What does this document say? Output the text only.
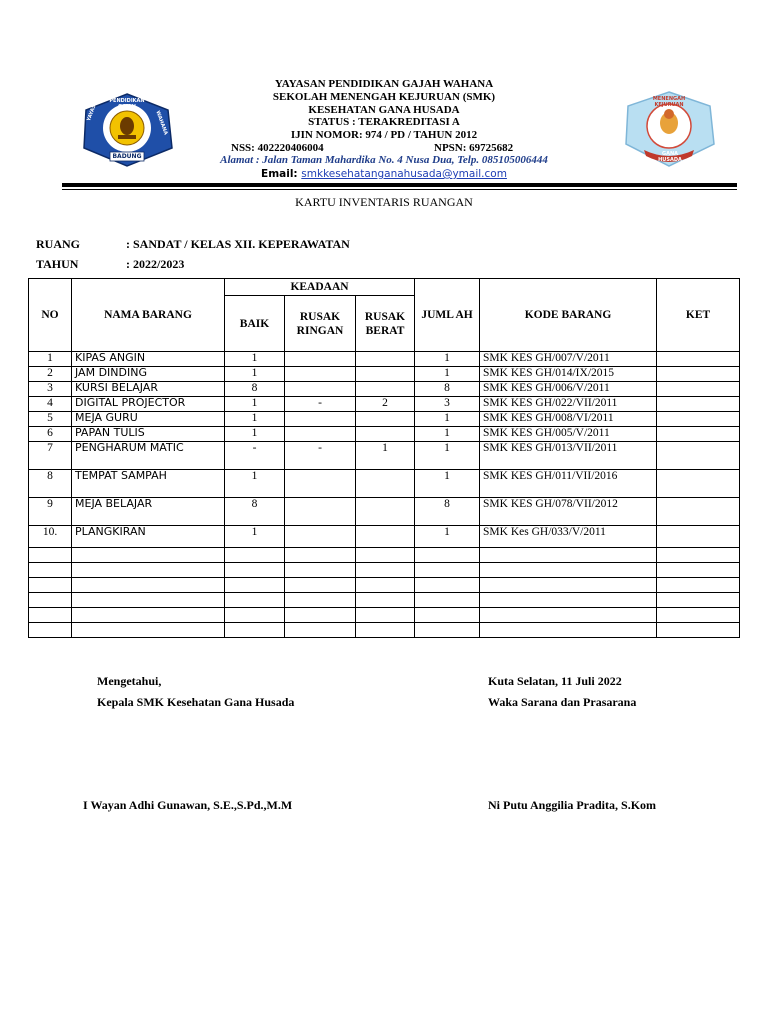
BADUNG
PENDIDIKAN GAJAH
YAYASAN
WAHANA
GANA HUSADA
MENENGAH KEJURUAN
YAYASAN PENDIDIKAN GAJAH WAHANA
SEKOLAH MENENGAH KEJURUAN (SMK)
KESEHATAN GANA HUSADA
STATUS : TERAKREDITASI A
IJIN NOMOR: 974 / PD / TAHUN 2012
NSS: 402220406004	NPSN: 69725682
Alamat : Jalan Taman Mahardika No. 4 Nusa Dua, Telp. 085105006444
Email: smkkesehatanganahusada@ymail.com
KARTU INVENTARIS RUANGAN
RUANG	: SANDAT / KELAS XII. KEPERAWATAN
TAHUN	: 2022/2023
NO	NAMA BARANG	KEADAAN			JUML AH	KODE BARANG	KET
		BAIK	RUSAK RINGAN	RUSAK BERAT			
1	KIPAS ANGIN	1			1	SMK KES GH/007/V/2011	
2	JAM DINDING	1			1	SMK KES GH/014/IX/2015	
3	KURSI BELAJAR	8			8	SMK KES GH/006/V/2011	
4	DIGITAL PROJECTOR	1	-	2	3	SMK KES GH/022/VII/2011	
5	MEJA GURU	1			1	SMK KES GH/008/VI/2011	
6	PAPAN TULIS	1			1	SMK KES GH/005/V/2011	
7	PENGHARUM MATIC	-	-	1	1	SMK KES GH/013/VII/2011	
8	TEMPAT SAMPAH	1			1	SMK KES GH/011/VII/2016	
9	MEJA BELAJAR	8			8	SMK KES GH/078/VII/2012	
10.	PLANGKIRAN	1			1	SMK Kes GH/033/V/2011	

Mengetahui,
Kepala SMK Kesehatan Gana Husada
I Wayan Adhi Gunawan, S.E.,S.Pd.,M.M
Kuta Selatan, 11 Juli 2022
Waka Sarana dan Prasarana
Ni Putu Anggilia Pradita, S.Kom
